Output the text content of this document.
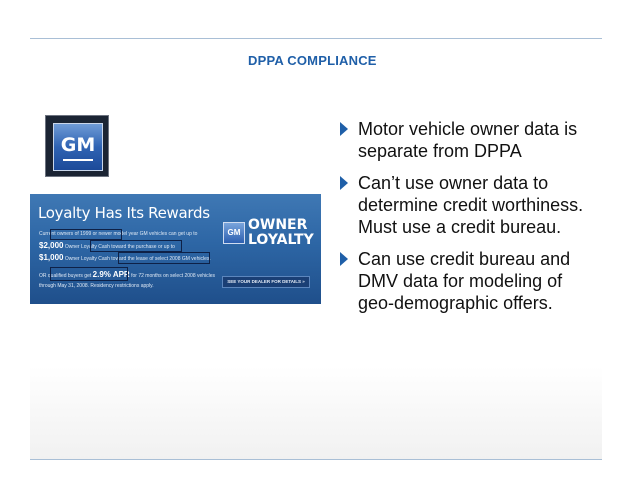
DPPA COMPLIANCE
GM
Loyalty Has Its Rewards
Current owners of 1999 or newer model year GM vehicles can get up to
$2,000 Owner Loyalty Cash toward the purchase or up to
$1,000 Owner Loyalty Cash toward the lease of select 2008 GM vehicles.
OR qualified buyers get 2.9% APR for 72 months on select 2008 vehicles
through May 31, 2008. Residency restrictions apply.
GM OWNER
LOYALTY
SEE YOUR DEALER FOR DETAILS »
Motor vehicle owner data is separate from DPPA
Can’t use owner data to determine credit worthiness. Must use a credit bureau.
Can use credit bureau and DMV data for modeling of geo-demographic offers.
